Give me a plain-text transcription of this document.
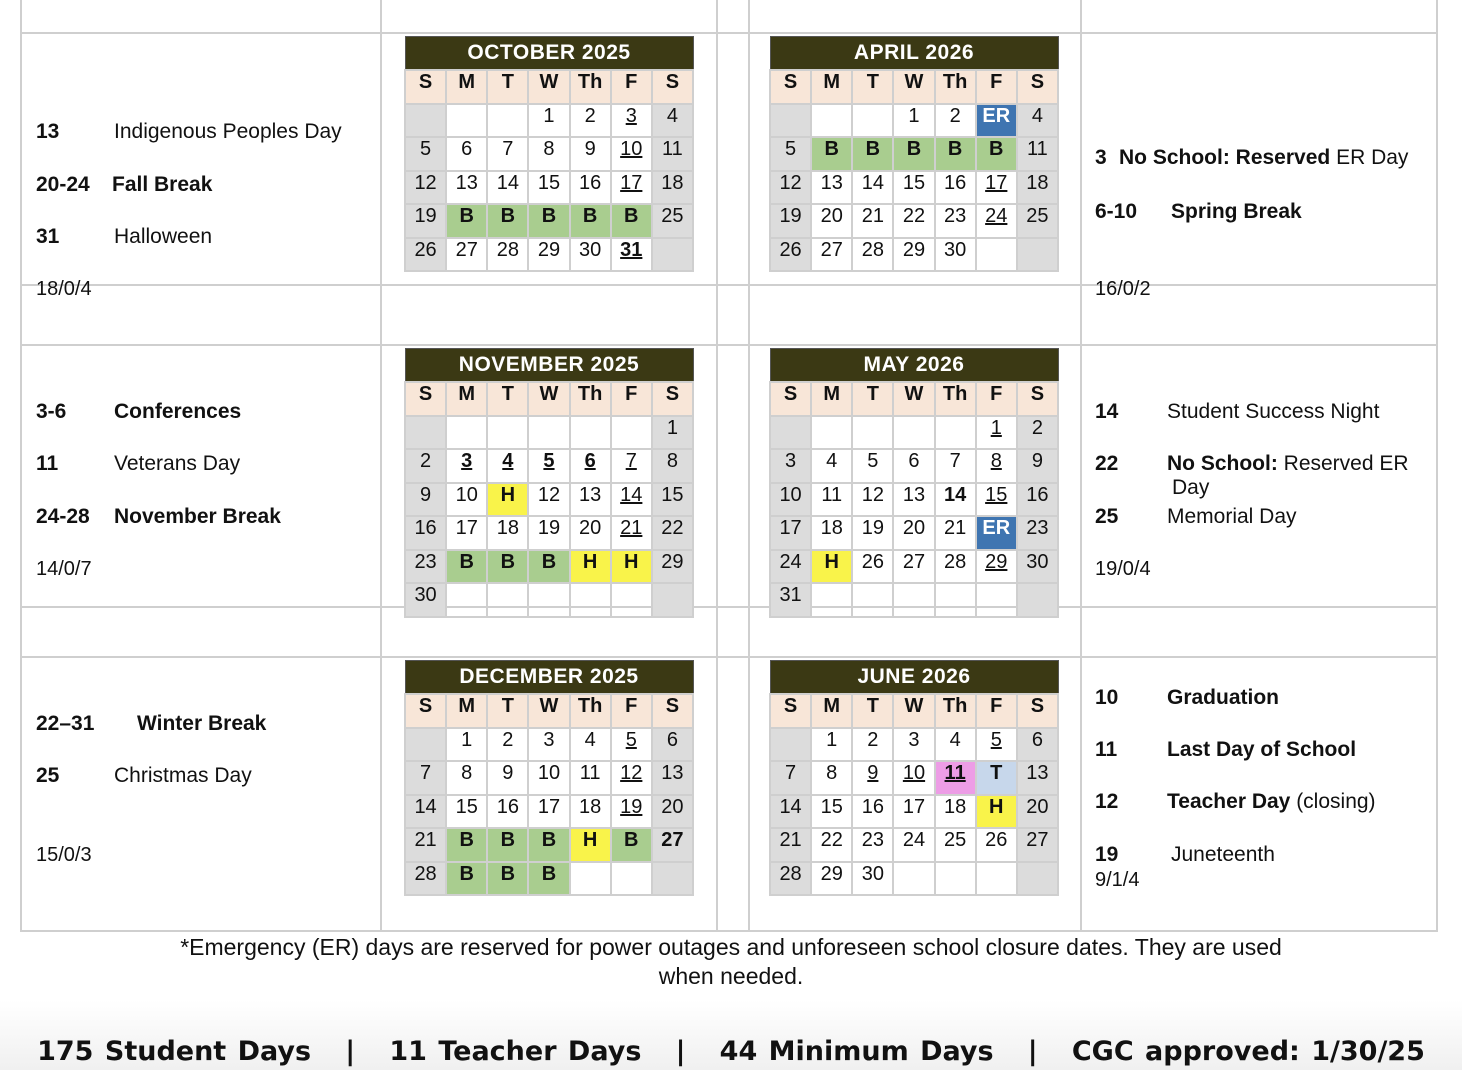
13	Indigenous Peoples Day
20-24 Fall Break
31	Halloween
18/0/4

OCTOBER 2025
S	M	T	W	Th	F	S
			1	2	3	4
5	6	7	8	9	10	11
12	13	14	15	16	17	18
19	B	B	B	B	B	25
26	27	28	29	30	31	

APRIL 2026
S	M	T	W	Th	F	S
			1	2	ER	4
5	B	B	B	B	B	11
12	13	14	15	16	17	18
19	20	21	22	23	24	25
26	27	28	29	30		

3 No School: Reserved ER Day
6-10 Spring Break
16/0/2

3-6 Conferences
11	Veterans Day
24-28 November Break
14/0/7

NOVEMBER 2025
S	M	T	W	Th	F	S
						1
2	3	4	5	6	7	8
9	10	H	12	13	14	15
16	17	18	19	20	21	22
23	B	B	B	H	H	29
30						

MAY 2026
S	M	T	W	Th	F	S
					1	2
3	4	5	6	7	8	9
10	11	12	13	14	15	16
17	18	19	20	21	ER	23
24	H	26	27	28	29	30
31						

14 Student Success Night
22 No School: Reserved ER
Day
25 Memorial Day
19/0/4

22–31 Winter Break
25	Christmas Day
15/0/3

DECEMBER 2025
S	M	T	W	Th	F	S
	1	2	3	4	5	6
7	8	9	10	11	12	13
14	15	16	17	18	19	20
21	B	B	B	H	B	27
28	B	B	B			

JUNE 2026
S	M	T	W	Th	F	S
	1	2	3	4	5	6
7	8	9	10	11	T	13
14	15	16	17	18	H	20
21	22	23	24	25	26	27
28	29	30				

10 Graduation
11 Last Day of School
12 Teacher Day (closing)
19	Juneteenth
9/1/4
*Emergency (ER) days are reserved for power outages and unforeseen school closure dates. They are used
when needed.
175 Student Days   |   11 Teacher Days   |   44 Minimum Days   |   CGC approved: 1/30/25
